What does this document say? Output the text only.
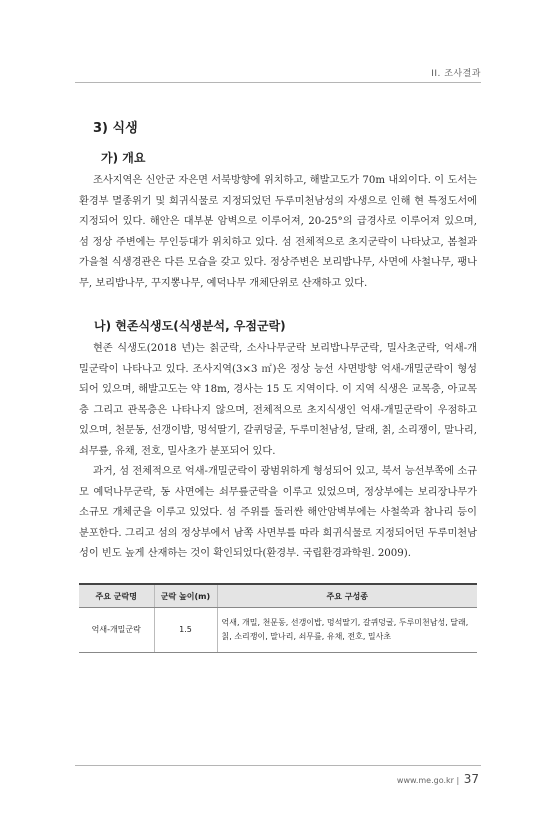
II. 조사결과
3) 식생
가) 개요

조사지역은 신안군 자은면 서북방향에 위치하고, 해발고도가 70m 내외이다. 이 도서는 환경부 멸종위기 및 희귀식물로 지정되었던 두루미천남성의 자생으로 인해 현 특정도서에 지정되어 있다. 해안은 대부분 암벽으로 이루어져, 20-25°의 급경사로 이루어져 있으며, 섬 정상 주변에는 무인등대가 위치하고 있다. 섬 전체적으로 초지군락이 나타났고, 봄철과 가을철 식생경관은 다른 모습을 갖고 있다. 정상주변은 보리밥나무, 사면에 사철나무, 팽나무, 보리밥나무, 꾸지뽕나무, 예덕나무 개체단위로 산재하고 있다.

나) 현존식생도(식생분석, 우점군락)

현존 식생도(2018 년)는 칡군락, 소사나무군락 보리밥나무군락, 밀사초군락, 억새-개밀군락이 나타나고 있다. 조사지역(3×3 ㎡)은 정상 능선 사면방향 억새-개밀군락이 형성되어 있으며, 해발고도는 약 18m, 경사는 15 도 지역이다. 이 지역 식생은 교목층, 아교목층 그리고 관목층은 나타나지 않으며, 전체적으로 초지식생인 억새-개밀군락이 우점하고 있으며, 천문동, 선갱이밥, 멍석딸기, 갈퀴덩굴, 두루미천남성, 달래, 칡, 소리쟁이, 말나리, 쇠무릎, 유채, 전호, 밀사초가 분포되어 있다.

과거, 섬 전체적으로 억새-개밀군락이 광범위하게 형성되어 있고, 북서 능선부쪽에 소규모 예덕나무군락, 동 사면에는 쇠무릎군락을 이루고 있었으며, 정상부에는 보리장나무가 소규모 개체군을 이루고 있었다. 섬 주위를 둘러싼 해안암벽부에는 사철쑥과 참나리 등이 분포한다. 그리고 섬의 정상부에서 남쪽 사면부를 따라 희귀식물로 지정되어던 두루미천남성이 빈도 높게 산재하는 것이 확인되었다(환경부. 국립환경과학원. 2009).

주요 군락명	군락 높이(m)	주요 구성종
억새-개밀군락	1.5	억새, 개밀, 천문동, 선갱이밥, 멍석딸기, 갈퀴덩굴, 두루미천남성, 달래, 칡, 소리쟁이, 말나리, 쇠무릎, 유채, 전호, 밀사초
www.me.go.kr | 37
